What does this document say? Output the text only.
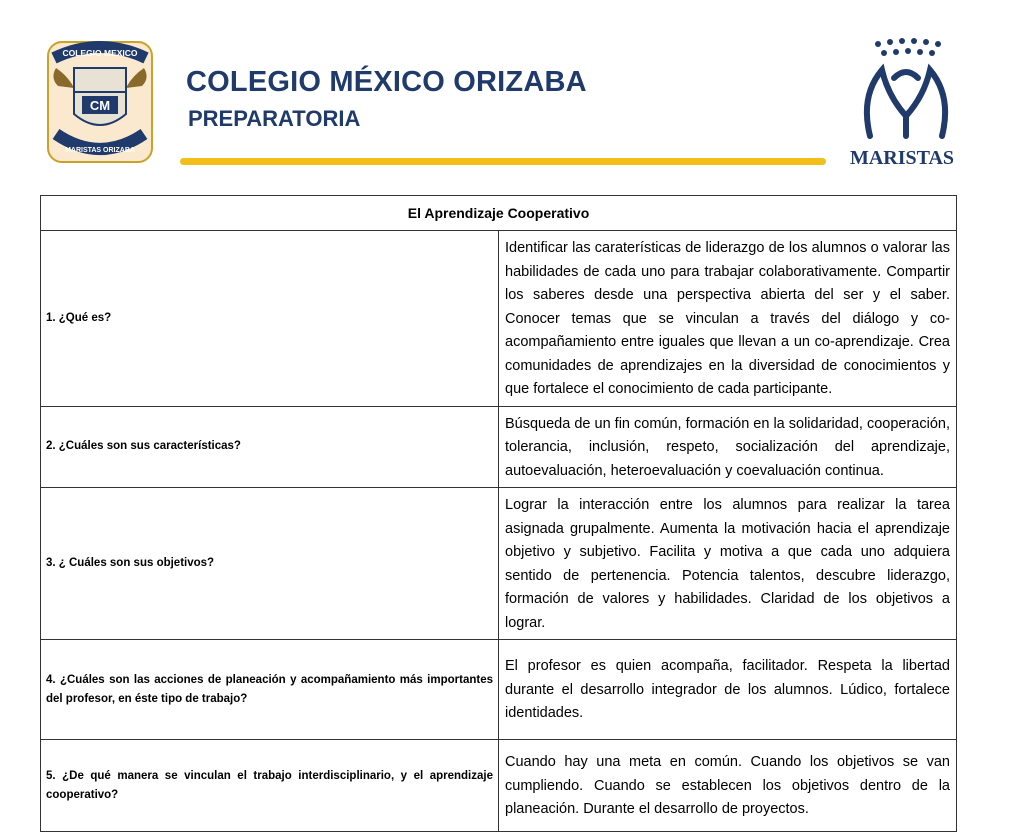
COLEGIO MEXICO
CM
MARISTAS ORIZABA
COLEGIO MÉXICO ORIZABA
PREPARATORIA
MARISTAS
El Aprendizaje Cooperativo	
1. ¿Qué es?	Identificar las caraterísticas de liderazgo de los alumnos o valorar las habilidades de cada uno para trabajar colaborativamente. Compartir los saberes desde una perspectiva abierta del ser y el saber. Conocer temas que se vinculan a través del diálogo y co-acompañamiento entre iguales que llevan a un co-aprendizaje. Crea comunidades de aprendizajes en la diversidad de conocimientos y que fortalece el conocimiento de cada participante.
2. ¿Cuáles son sus características?	Búsqueda de un fin común, formación en la solidaridad, cooperación, tolerancia, inclusión, respeto, socialización del aprendizaje, autoevaluación, heteroevaluación y coevaluación continua.
3. ¿ Cuáles son sus objetivos?	Lograr la interacción entre los alumnos para realizar la tarea asignada grupalmente. Aumenta la motivación hacia el aprendizaje objetivo y subjetivo. Facilita y motiva a que cada uno adquiera sentido de pertenencia. Potencia talentos, descubre liderazgo, formación de valores y habilidades. Claridad de los objetivos a lograr.
4. ¿Cuáles son las acciones de planeación y acompañamiento más importantes del profesor, en éste tipo de trabajo?	El profesor es quien acompaña, facilitador. Respeta la libertad durante el desarrollo integrador de los alumnos. Lúdico, fortalece identidades.
5. ¿De qué manera se vinculan el trabajo interdisciplinario, y el aprendizaje cooperativo?	Cuando hay una meta en común. Cuando los objetivos se van cumpliendo. Cuando se establecen los objetivos dentro de la planeación. Durante el desarrollo de proyectos.
